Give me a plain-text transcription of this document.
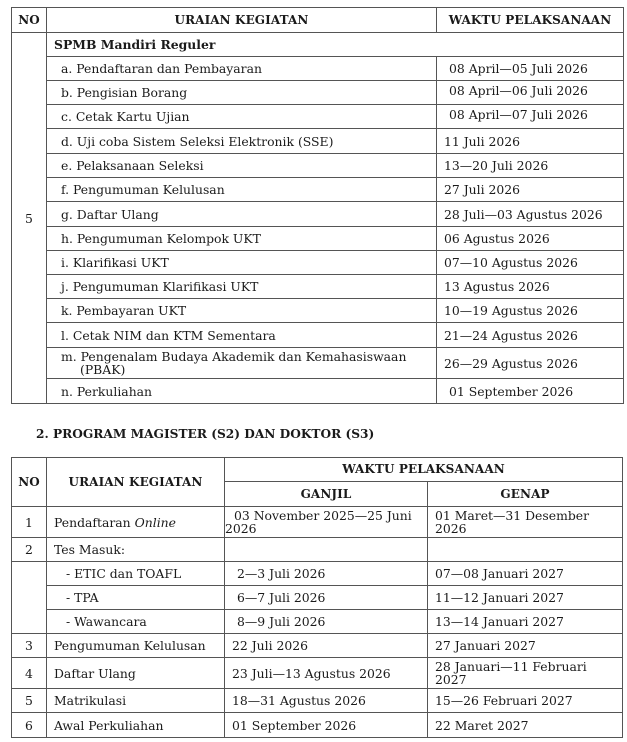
NO	URAIAN KEGIATAN	WAKTU PELAKSANAAN
5	SPMB Mandiri Reguler	
	a. Pendaftaran dan Pembayaran	08 April—05 Juli 2026
	b. Pengisian Borang	08 April—06 Juli 2026
	c. Cetak Kartu Ujian	08 April—07 Juli 2026
	d. Uji coba Sistem Seleksi Elektronik (SSE)	11 Juli 2026
	e. Pelaksanaan Seleksi	13—20 Juli 2026
	f. Pengumuman Kelulusan	27 Juli 2026
	g. Daftar Ulang	28 Juli—03 Agustus 2026
	h. Pengumuman Kelompok UKT	06 Agustus 2026
	i. Klarifikasi UKT	07—10 Agustus 2026
	j. Pengumuman Klarifikasi UKT	13 Agustus 2026
	k. Pembayaran UKT	10—19 Agustus 2026
	l. Cetak NIM dan KTM Sementara	21—24 Agustus 2026
	m. Pengenalam Budaya Akademik dan Kemahasiswaan (PBAK)	26—29 Agustus 2026
	n. Perkuliahan	01 September 2026
2. PROGRAM MAGISTER (S2) DAN DOKTOR (S3)
NO	URAIAN KEGIATAN	WAKTU PELAKSANAAN	
		GANJIL	GENAP
1	Pendaftaran Online	03 November 2025—25 Juni 2026	01 Maret—31 Desember 2026
2	Tes Masuk:		
	- ETIC dan TOAFL	2—3 Juli 2026	07—08 Januari 2027
	- TPA	6—7 Juli 2026	11—12 Januari 2027
	- Wawancara	8—9 Juli 2026	13—14 Januari 2027
3	Pengumuman Kelulusan	22 Juli 2026	27 Januari 2027
4	Daftar Ulang	23 Juli—13 Agustus 2026	28 Januari—11 Februari 2027
5	Matrikulasi	18—31 Agustus 2026	15—26 Februari 2027
6	Awal Perkuliahan	01 September 2026	22 Maret 2027
